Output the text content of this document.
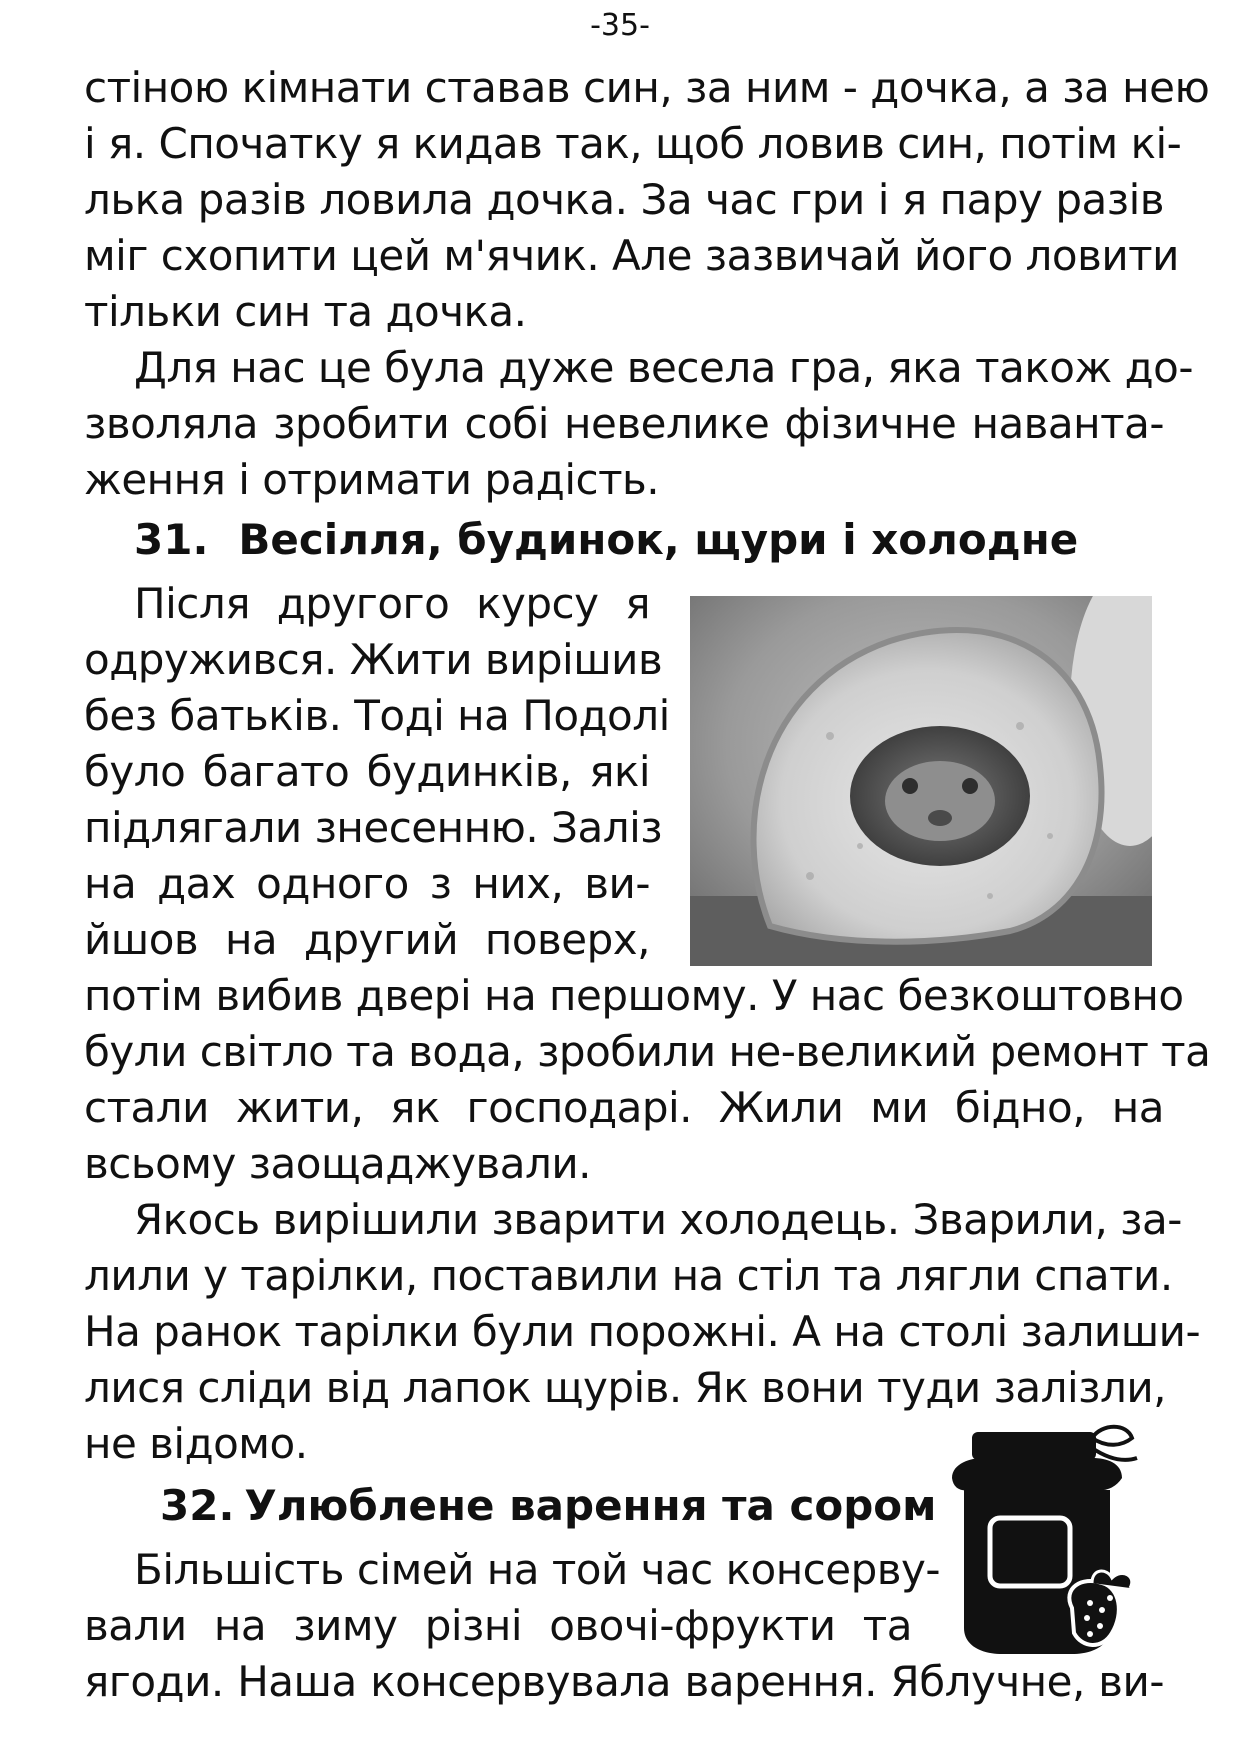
-35-
стіною кімнати ставав син, за ним - дочка, а за нею
і я. Спочатку я кидав так, щоб ловив син, потім кі-
лька разів ловила дочка. За час гри і я пару разів
міг схопити цей м'ячик. Але зазвичай його ловити
тільки син та дочка.
Для нас це була дуже весела гра, яка також до-
зволяла зробити собі невелике фізичне наванта-
ження і отримати радість.
31. Весілля, будинок, щури і холодне
Після другого курсу я
одружився. Жити вирішив
без батьків. Тоді на Подолі
було багато будинків, які
підлягали знесенню. Заліз
на дах одного з них, ви-
йшов на другий поверх,
потім вибив двері на першому. У нас безкоштовно
були світло та вода, зробили не-великий ремонт та
стали жити, як господарі. Жили ми бідно, на
всьому заощаджували.
Якось вирішили зварити холодець. Зварили, за-
лили у тарілки, поставили на стіл та лягли спати.
На ранок тарілки були порожні. А на столі залиши-
лися сліди від лапок щурів. Як вони туди залізли,
не відомо.
32. Улюблене варення та сором
Більшість сімей на той час консерву-
вали на зиму різні овочі-фрукти та
ягоди. Наша консервувала варення. Яблучне, ви-
